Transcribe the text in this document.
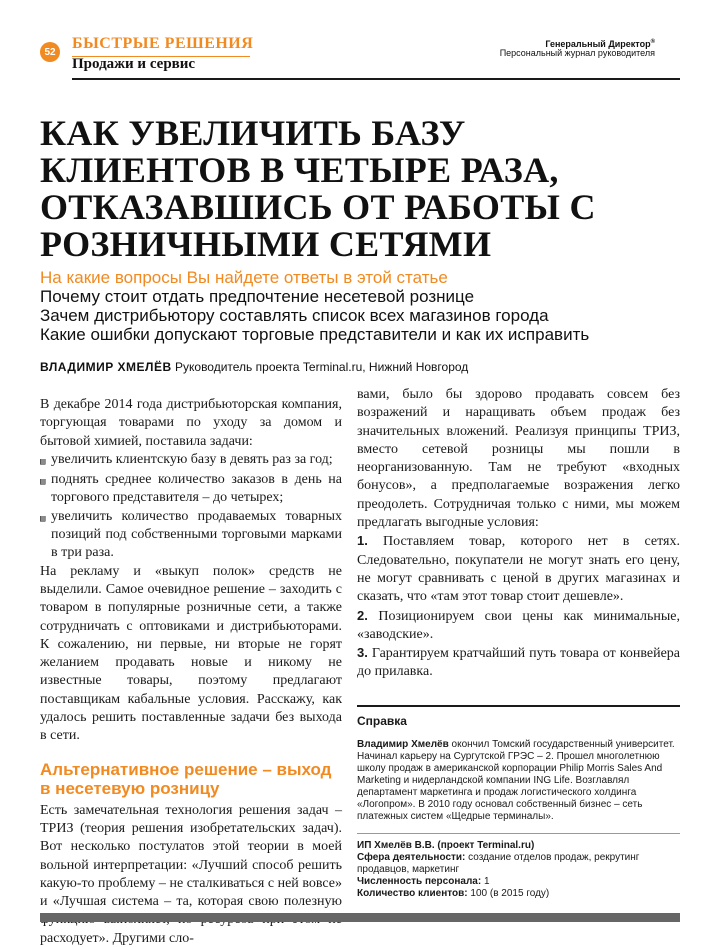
52 БЫСТРЫЕ РЕШЕНИЯ
Продажи и сервис
Генеральный Директор®
Персональный журнал руководителя
КАК УВЕЛИЧИТЬ БАЗУ КЛИЕНТОВ В ЧЕТЫРЕ РАЗА, ОТКАЗАВШИСЬ ОТ РАБОТЫ С РОЗНИЧНЫМИ СЕТЯМИ
На какие вопросы Вы найдете ответы в этой статье
Почему стоит отдать предпочтение несетевой рознице
Зачем дистрибьютору составлять список всех магазинов города
Какие ошибки допускают торговые представители и как их исправить
ВЛАДИМИР ХМЕЛЁВ Руководитель проекта Terminal.ru, Нижний Новгород

В декабре 2014 года дистрибьюторская компания, торгующая товарами по уходу за домом и бытовой химией, поставила задачи:

▤ увеличить клиентскую базу в девять раз за год;
▤ поднять среднее количество заказов в день на торгового представителя – до четырех;
▤ увеличить количество продаваемых товарных позиций под собственными торговыми марками в три раза.

На рекламу и «выкуп полок» средств не выделили. Самое очевидное решение – заходить с товаром в популярные розничные сети, а также сотрудничать с оптовиками и дистрибьюторами. К сожалению, ни первые, ни вторые не горят желанием продавать новые и никому не известные товары, поэтому предлагают поставщикам кабальные условия. Расскажу, как удалось решить поставленные задачи без выхода в сети.

Альтернативное решение – выход в несетевую розницу

Есть замечательная технология решения задач – ТРИЗ (теория решения изобретательских задач). Вот несколько постулатов этой теории в моей вольной интерпретации: «Лучший способ решить какую-то проблему – не сталкиваться с ней вовсе» и «Лучшая система – та, которая свою полезную расходует». Другими сло-

вами, было бы здорово продавать совсем без возражений и наращивать объем продаж без значительных вложений. Реализуя принципы ТРИЗ, вместо сетевой розницы мы пошли в неорганизованную. Там не требуют «входных бонусов», а предполагаемые возражения легко преодолеть. Сотрудничая только с ними, мы можем предлагать выгодные условия:

1. Поставляем товар, которого нет в сетях. Следовательно, покупатели не могут знать его цену, не могут сравнивать с ценой в других магазинах и сказать, что «там этот товар стоит дешевле».

2. Позиционируем свои цены как минимальные, «заводские».

3. Гарантируем кратчайший путь товара от конвейера до прилавка.

Справка

Владимир Хмелёв окончил Томский государственный университет. Начинал карьеру на Сургутской ГРЭС – 2. Прошел многолетнюю школу продаж в американской корпорации Philip Morris Sales And Marketing и нидерландской компании ING Life. Возглавлял департамент маркетинга и продаж логистического холдинга «Логопром». В 2010 году основал собственный бизнес – сеть платежных систем «Щедрые терминалы».

ИП Хмелёв В.В. (проект Terminal.ru)
Сфера деятельности: создание отделов продаж, рекрутинг продавцов, маркетинг
Численность персонала: 1
Количество клиентов: 100 (в 2015 году)
